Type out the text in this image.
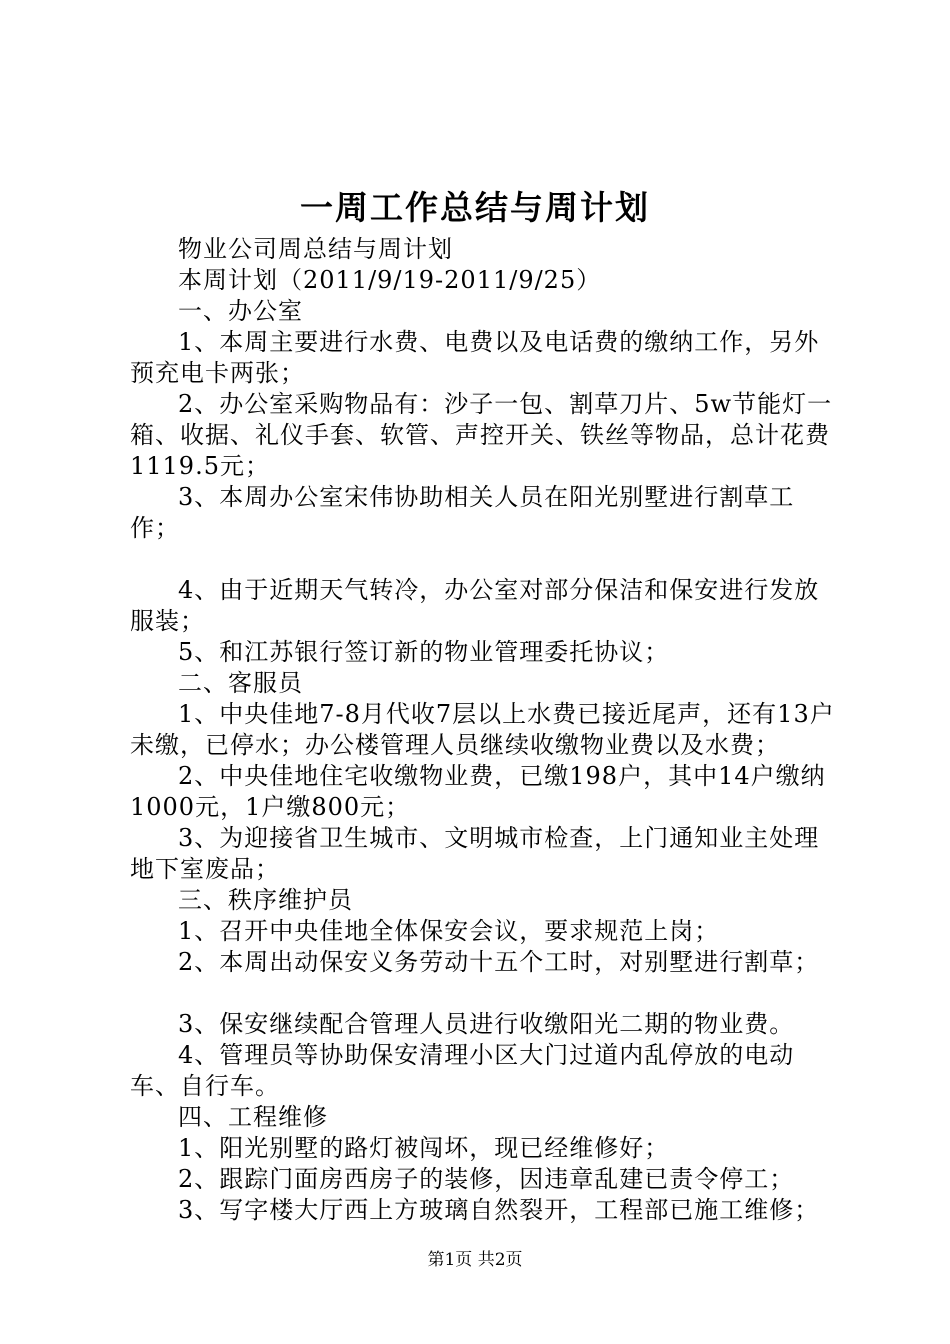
一周工作总结与周计划

物业公司周总结与周计划

本周计划（2011/9/19-2011/9/25）

一、办公室

1、本周主要进行水费、电费以及电话费的缴纳工作，另外预充电卡两张；

2、办公室采购物品有：沙子一包、割草刀片、5w节能灯一箱、收据、礼仪手套、软管、声控开关、铁丝等物品，总计花费1119.5元；

3、本周办公室宋伟协助相关人员在阳光别墅进行割草工作；

4、由于近期天气转冷，办公室对部分保洁和保安进行发放服装；

5、和江苏银行签订新的物业管理委托协议；

二、客服员

1、中央佳地7-8月代收7层以上水费已接近尾声，还有13户未缴，已停水；办公楼管理人员继续收缴物业费以及水费；

2、中央佳地住宅收缴物业费，已缴198户，其中14户缴纳1000元，1户缴800元；

3、为迎接省卫生城市、文明城市检查，上门通知业主处理地下室废品；

三、秩序维护员

1、召开中央佳地全体保安会议，要求规范上岗；

2、本周出动保安义务劳动十五个工时，对别墅进行割草；

3、保安继续配合管理人员进行收缴阳光二期的物业费。

4、管理员等协助保安清理小区大门过道内乱停放的电动车、自行车。

四、工程维修

1、阳光别墅的路灯被闯坏，现已经维修好；

2、跟踪门面房西房子的装修，因违章乱建已责令停工；

3、写字楼大厅西上方玻璃自然裂开，工程部已施工维修；

第1页 共2页
